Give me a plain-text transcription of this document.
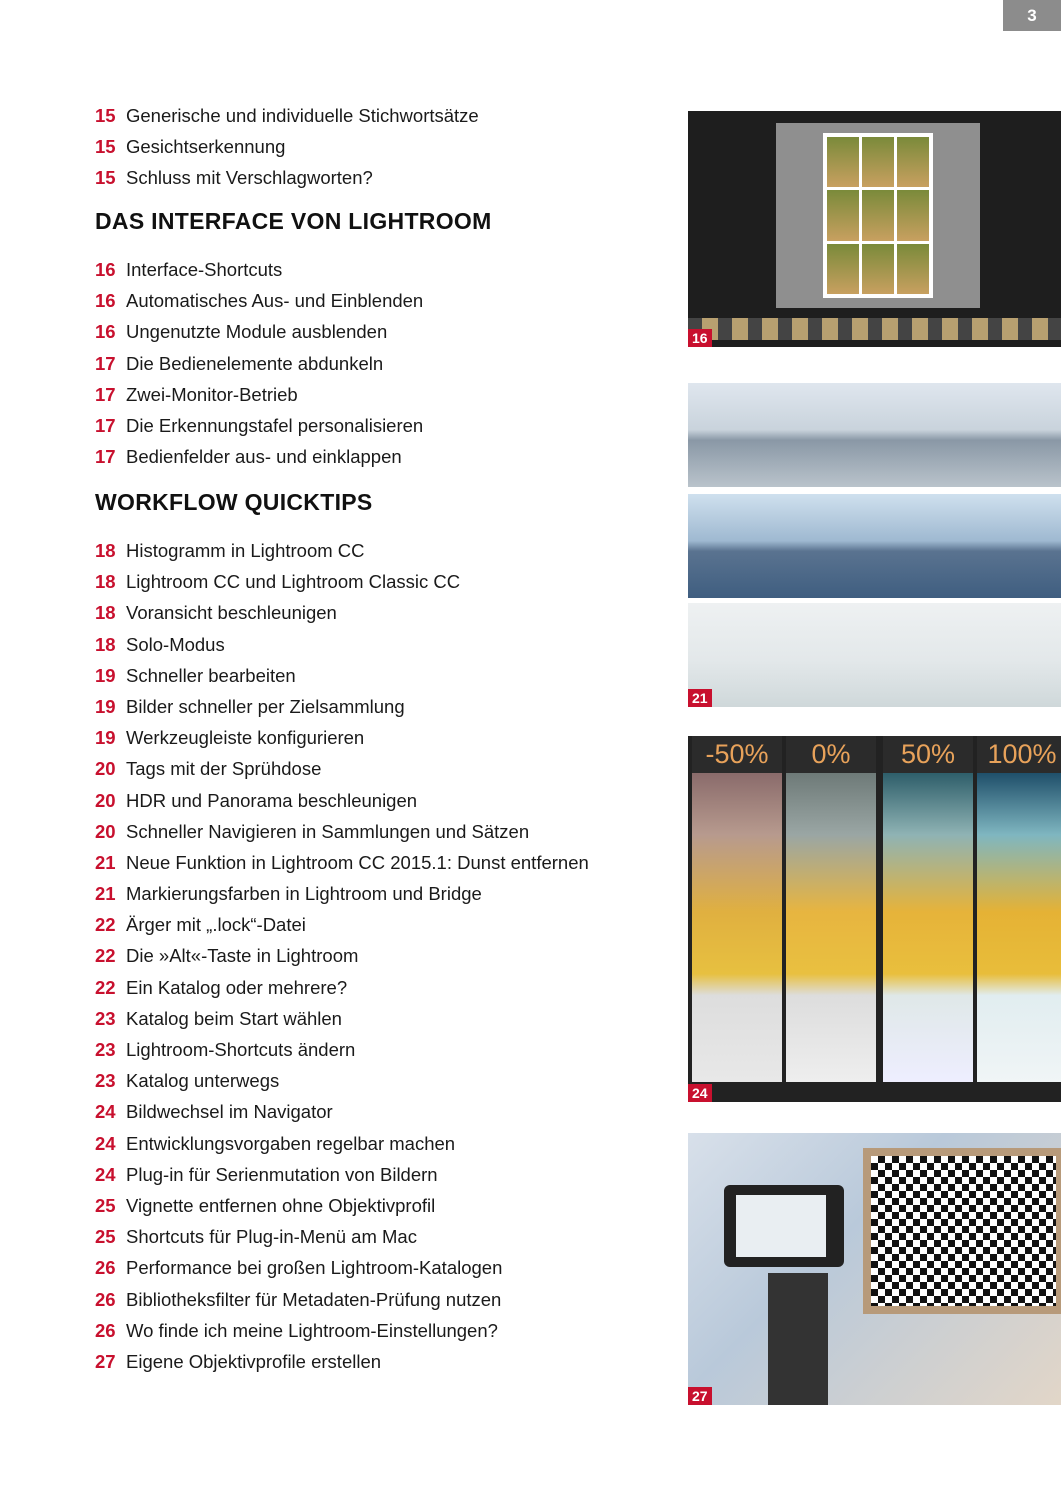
3
15 Generische und individuelle Stichwortsätze
15 Gesichtserkennung
15 Schluss mit Verschlagworten?
DAS INTERFACE VON LIGHTROOM
16 Interface-Shortcuts
16 Automatisches Aus- und Einblenden
16 Ungenutzte Module ausblenden
17 Die Bedienelemente abdunkeln
17 Zwei-Monitor-Betrieb
17 Die Erkennungstafel personalisieren
17 Bedienfelder aus- und einklappen
WORKFLOW QUICKTIPS
18 Histogramm in Lightroom CC
18 Lightroom CC und Lightroom Classic CC
18 Voransicht beschleunigen
18 Solo-Modus
19 Schneller bearbeiten
19 Bilder schneller per Zielsammlung
19 Werkzeugleiste konfigurieren
20 Tags mit der Sprühdose
20 HDR und Panorama beschleunigen
20 Schneller Navigieren in Sammlungen und Sätzen
21 Neue Funktion in Lightroom CC 2015.1: Dunst entfernen
21 Markierungsfarben in Lightroom und Bridge
22 Ärger mit „.lock“-Datei
22 Die »Alt«-Taste in Lightroom
22 Ein Katalog oder mehrere?
23 Katalog beim Start wählen
23 Lightroom-Shortcuts ändern
23 Katalog unterwegs
24 Bildwechsel im Navigator
24 Entwicklungsvorgaben regelbar machen
24 Plug-in für Serienmutation von Bildern
25 Vignette entfernen ohne Objektivprofil
25 Shortcuts für Plug-in-Menü am Mac
26 Performance bei großen Lightroom-Katalogen
26 Bibliotheksfilter für Metadaten-Prüfung nutzen
26 Wo finde ich meine Lightroom-Einstellungen?
27 Eigene Objektivprofile erstellen
16
21
-50%	0%	50%	100%
24
27
